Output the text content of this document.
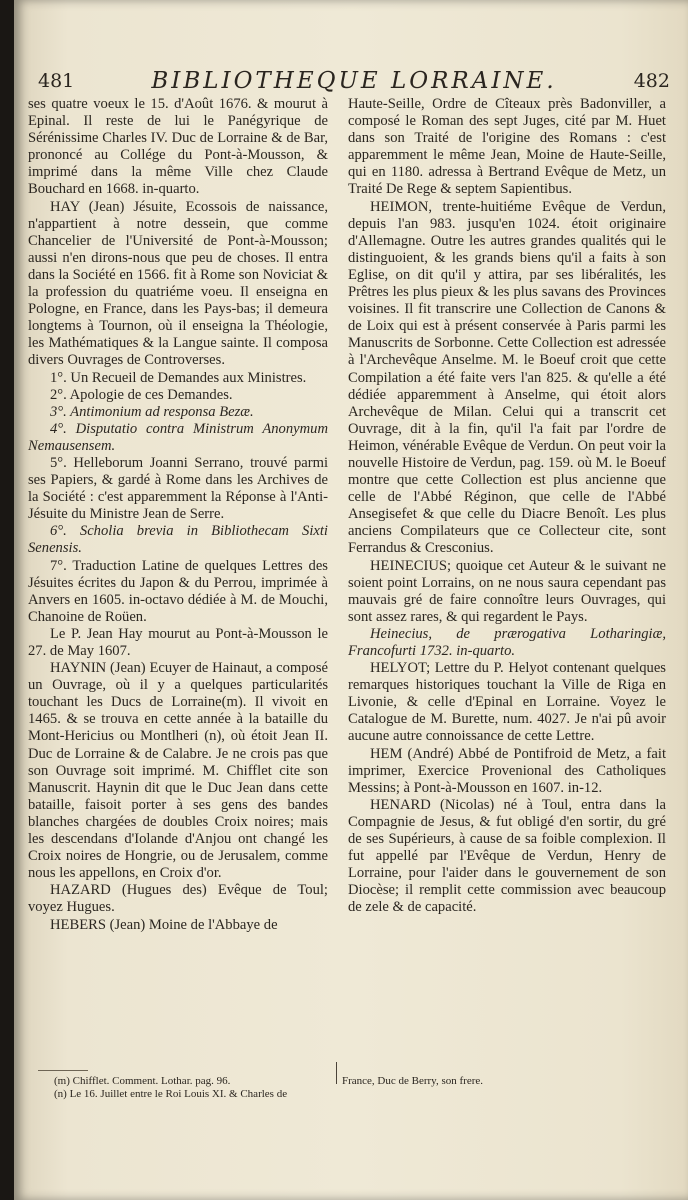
481	BIBLIOTHEQUE LORRAINE.	482

ses quatre voeux le 15. d'Août 1676. & mourut à Epinal. Il reste de lui le Panégyrique de Sérénissime Charles IV. Duc de Lorraine & de Bar, prononcé au Collége du Pont-à-Mousson, & imprimé dans la même Ville chez Claude Bouchard en 1668. in-quarto.

HAY (Jean) Jésuite, Ecossois de naissance, n'appartient à notre dessein, que comme Chancelier de l'Université de Pont-à-Mousson; aussi n'en dirons-nous que peu de choses. Il entra dans la Société en 1566. fit à Rome son Noviciat & la profession du quatriéme voeu. Il enseigna en Pologne, en France, dans les Pays-bas; il demeura longtems à Tournon, où il enseigna la Théologie, les Mathématiques & la Langue sainte. Il composa divers Ouvrages de Controverses.

1°. Un Recueil de Demandes aux Ministres.

2°. Apologie de ces Demandes.

3°. Antimonium ad responsa Bezæ.

4°. Disputatio contra Ministrum Anonymum Nemausensem.

5°. Helleborum Joanni Serrano, trouvé parmi ses Papiers, & gardé à Rome dans les Archives de la Société : c'est apparemment la Réponse à l'Anti-Jésuite du Ministre Jean de Serre.

6°. Scholia brevia in Bibliothecam Sixti Senensis.

7°. Traduction Latine de quelques Lettres des Jésuites écrites du Japon & du Perrou, imprimée à Anvers en 1605. in-octavo dédiée à M. de Mouchi, Chanoine de Roüen.

Le P. Jean Hay mourut au Pont-à-Mousson le 27. de May 1607.

HAYNIN (Jean) Ecuyer de Hainaut, a composé un Ouvrage, où il y a quelques particularités touchant les Ducs de Lorraine(m). Il vivoit en 1465. & se trouva en cette année à la bataille du Mont-Hericius ou Montlheri (n), où étoit Jean II. Duc de Lorraine & de Calabre. Je ne crois pas que son Ouvrage soit imprimé. M. Chifflet cite son Manuscrit. Haynin dit que le Duc Jean dans cette bataille, faisoit porter à ses gens des bandes blanches chargées de doubles Croix noires; mais les descendans d'Iolande d'Anjou ont changé les Croix noires de Hongrie, ou de Jerusalem, comme nous les appellons, en Croix d'or.

HAZARD (Hugues des) Evêque de Toul; voyez Hugues.

HEBERS (Jean) Moine de l'Abbaye de

Haute-Seille, Ordre de Cîteaux près Badonviller, a composé le Roman des sept Juges, cité par M. Huet dans son Traité de l'origine des Romans : c'est apparemment le même Jean, Moine de Haute-Seille, qui en 1180. adressa à Bertrand Evêque de Metz, un Traité De Rege & septem Sapientibus.

HEIMON, trente-huitiéme Evêque de Verdun, depuis l'an 983. jusqu'en 1024. étoit originaire d'Allemagne. Outre les autres grandes qualités qui le distinguoient, & les grands biens qu'il a faits à son Eglise, on dit qu'il y attira, par ses libéralités, les Prêtres les plus pieux & les plus savans des Provinces voisines. Il fit transcrire une Collection de Canons & de Loix qui est à présent conservée à Paris parmi les Manuscrits de Sorbonne. Cette Collection est adressée à l'Archevêque Anselme. M. le Boeuf croit que cette Compilation a été faite vers l'an 825. & qu'elle a été dédiée apparemment à Anselme, qui étoit alors Archevêque de Milan. Celui qui a transcrit cet Ouvrage, dit à la fin, qu'il l'a fait par l'ordre de Heimon, vénérable Evêque de Verdun. On peut voir la nouvelle Histoire de Verdun, pag. 159. où M. le Boeuf montre que cette Collection est plus ancienne que celle de l'Abbé Réginon, que celle de l'Abbé Ansegisefet & que celle du Diacre Benoît. Les plus anciens Compilateurs que ce Collecteur cite, sont Ferrandus & Cresconius.

HEINECIUS; quoique cet Auteur & le suivant ne soient point Lorrains, on ne nous saura cependant pas mauvais gré de faire connoître leurs Ouvrages, qui sont assez rares, & qui regardent le Pays.

Heinecius, de prærogativa Lotharingiæ, Francofurti 1732. in-quarto.

HELYOT; Lettre du P. Helyot contenant quelques remarques historiques touchant la Ville de Riga en Livonie, & celle d'Epinal en Lorraine. Voyez le Catalogue de M. Burette, num. 4027. Je n'ai pû avoir aucune autre connoissance de cette Lettre.

HEM (André) Abbé de Pontifroid de Metz, a fait imprimer, Exercice Provenional des Catholiques Messins; à Pont-à-Mousson en 1607. in-12.

HENARD (Nicolas) né à Toul, entra dans la Compagnie de Jesus, & fut obligé d'en sortir, du gré de ses Supérieurs, à cause de sa foible complexion. Il fut appellé par l'Evêque de Verdun, Henry de Lorraine, pour l'aider dans le gouvernement de son Diocèse; il remplit cette commission avec beaucoup de zele & de capacité.

(m) Chifflet. Comment. Lothar. pag. 96.

(n) Le 16. Juillet entre le Roi Louis XI. & Charles de

France, Duc de Berry, son frere.
